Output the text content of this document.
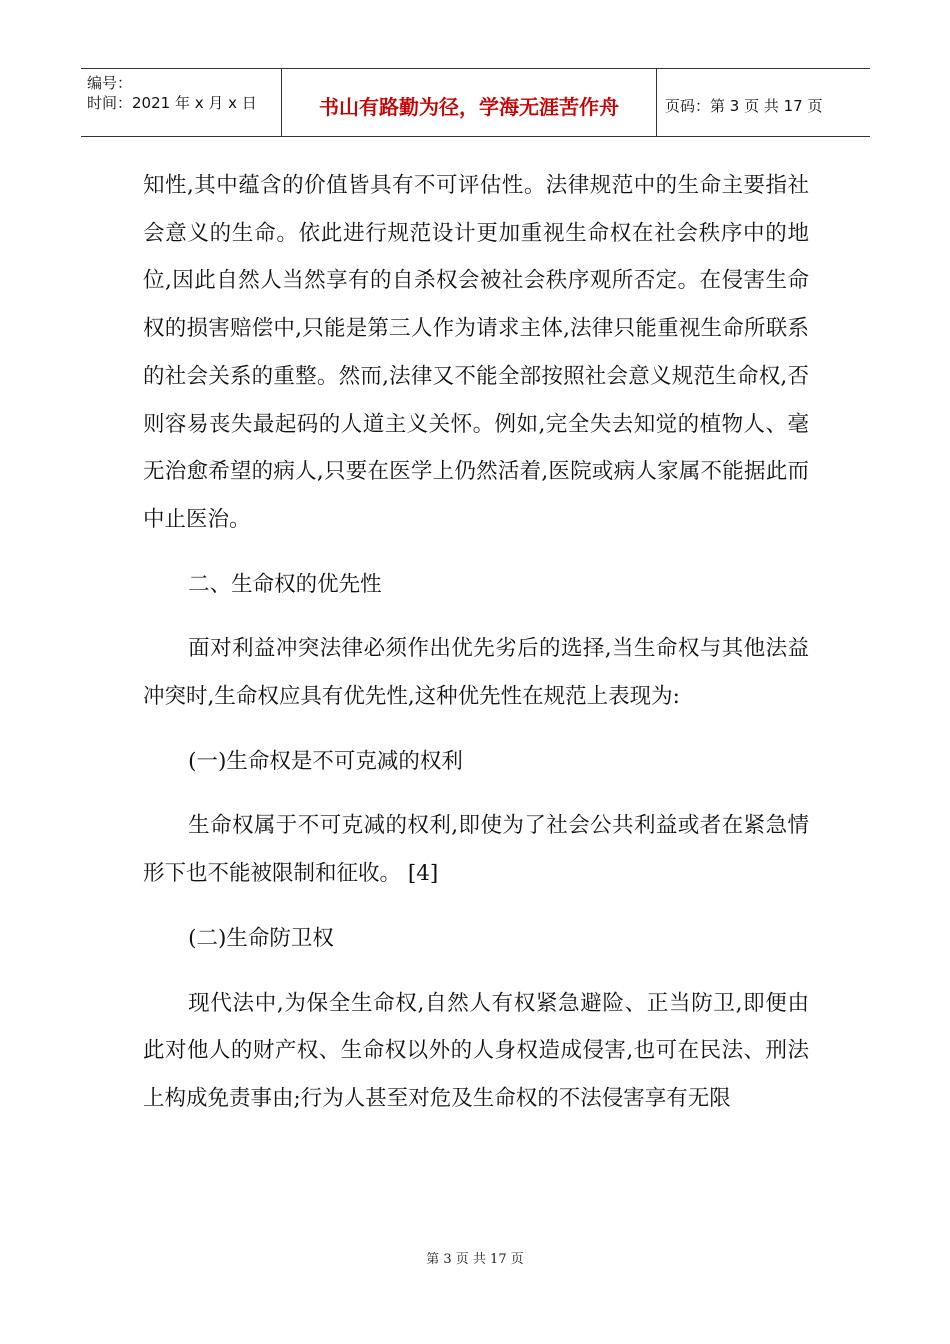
编号：
时间：2021 年 x 月 x 日	书山有路勤为径，学海无涯苦作舟	页码：第 3 页 共 17 页

知性,其中蕴含的价值皆具有不可评估性。法律规范中的生命主要指社会意义的生命。依此进行规范设计更加重视生命权在社会秩序中的地位,因此自然人当然享有的自杀权会被社会秩序观所否定。在侵害生命权的损害赔偿中,只能是第三人作为请求主体,法律只能重视生命所联系的社会关系的重整。然而,法律又不能全部按照社会意义规范生命权,否则容易丧失最起码的人道主义关怀。例如,完全失去知觉的植物人、毫无治愈希望的病人,只要在医学上仍然活着,医院或病人家属不能据此而中止医治。

二、生命权的优先性

面对利益冲突法律必须作出优先劣后的选择,当生命权与其他法益冲突时,生命权应具有优先性,这种优先性在规范上表现为:

(一)生命权是不可克减的权利

生命权属于不可克减的权利,即使为了社会公共利益或者在紧急情形下也不能被限制和征收。 [4]

(二)生命防卫权

现代法中,为保全生命权,自然人有权紧急避险、正当防卫,即便由此对他人的财产权、生命权以外的人身权造成侵害,也可在民法、刑法上构成免责事由;行为人甚至对危及生命权的不法侵害享有无限

第 3 页 共 17 页
